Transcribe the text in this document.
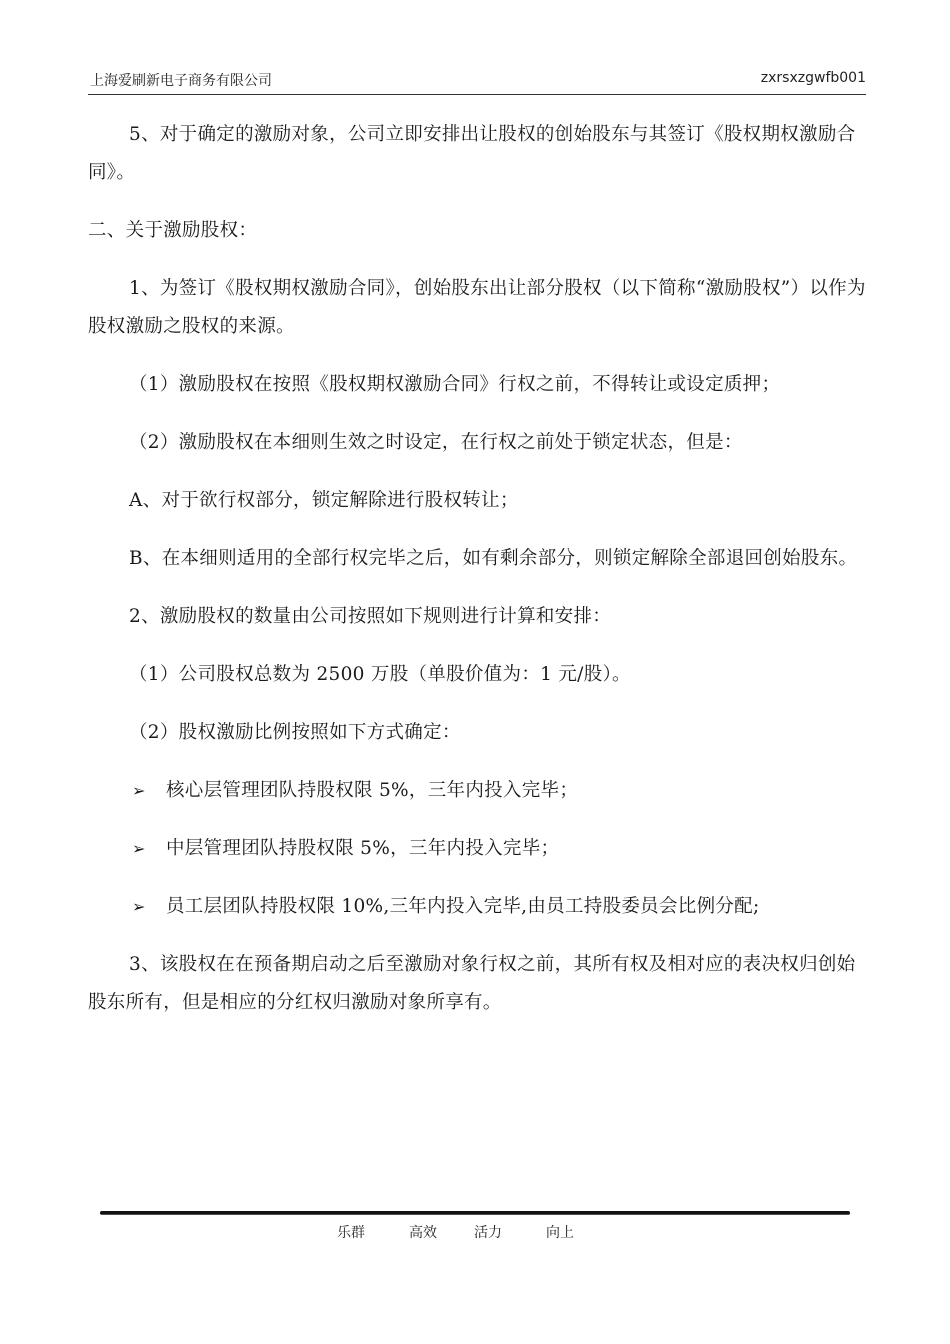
上海爱刷新电子商务有限公司	zxrsxzgwfb001

5、对于确定的激励对象，公司立即安排出让股权的创始股东与其签订《股权期权激励合同》。

二、关于激励股权：

1、为签订《股权期权激励合同》，创始股东出让部分股权（以下简称“激励股权”）以作为股权激励之股权的来源。

（1）激励股权在按照《股权期权激励合同》行权之前，不得转让或设定质押；

（2）激励股权在本细则生效之时设定，在行权之前处于锁定状态，但是：

A、对于欲行权部分，锁定解除进行股权转让；

B、在本细则适用的全部行权完毕之后，如有剩余部分，则锁定解除全部退回创始股东。

2、激励股权的数量由公司按照如下规则进行计算和安排：

（1）公司股权总数为 2500 万股（单股价值为：1 元/股）。

（2）股权激励比例按照如下方式确定：

➢ 核心层管理团队持股权限 5%，三年内投入完毕；

➢ 中层管理团队持股权限 5%，三年内投入完毕；

➢ 员工层团队持股权限 10%,三年内投入完毕,由员工持股委员会比例分配;

3、该股权在在预备期启动之后至激励对象行权之前，其所有权及相对应的表决权归创始股东所有，但是相应的分红权归激励对象所享有。

乐群	高效	活力	向上
